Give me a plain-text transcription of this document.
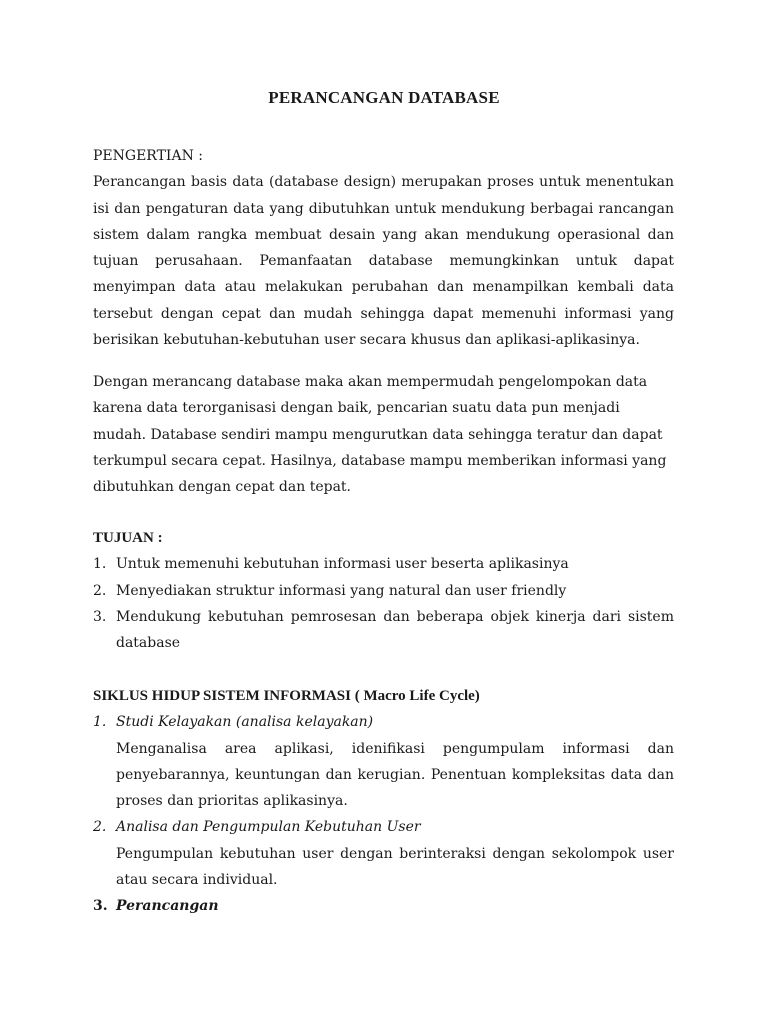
PERANCANGAN DATABASE

PENGERTIAN :

Perancangan basis data (database design) merupakan proses untuk menentukan isi dan pengaturan data yang dibutuhkan untuk mendukung berbagai rancangan sistem dalam rangka membuat desain yang akan mendukung operasional dan tujuan perusahaan. Pemanfaatan database memungkinkan untuk dapat menyimpan data atau melakukan perubahan dan menampilkan kembali data tersebut dengan cepat dan mudah sehingga dapat memenuhi informasi yang berisikan kebutuhan-kebutuhan user secara khusus dan aplikasi-aplikasinya.

Dengan merancang database maka akan mempermudah pengelompokan data karena data terorganisasi dengan baik, pencarian suatu data pun menjadi mudah. Database sendiri mampu mengurutkan data sehingga teratur dan dapat terkumpul secara cepat. Hasilnya, database mampu memberikan informasi yang dibutuhkan dengan cepat dan tepat.

TUJUAN :

1. Untuk memenuhi kebutuhan informasi user beserta aplikasinya
2. Menyediakan struktur informasi yang natural dan user friendly
3. Mendukung kebutuhan pemrosesan dan beberapa objek kinerja dari sistem database

SIKLUS HIDUP SISTEM INFORMASI ( Macro Life Cycle)

1. Studi Kelayakan (analisa kelayakan)

Menganalisa area aplikasi, idenifikasi pengumpulam informasi dan penyebarannya, keuntungan dan kerugian. Penentuan kompleksitas data dan proses dan prioritas aplikasinya.

2. Analisa dan Pengumpulan Kebutuhan User

Pengumpulan kebutuhan user dengan berinteraksi dengan sekolompok user atau secara individual.

3. Perancangan
